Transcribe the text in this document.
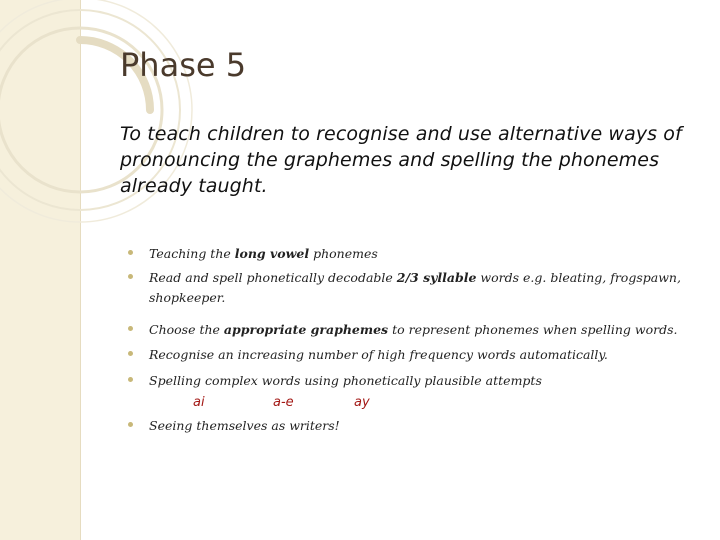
Phase 5

To teach children to recognise and use alternative ways of pronouncing the graphemes and spelling the phonemes already taught.

Teaching the long vowel phonemes
Read and spell phonetically decodable 2/3 syllable words e.g. bleating, frogspawn, shopkeeper.
Choose the appropriate graphemes to represent phonemes when spelling words.
Recognise an increasing number of high frequency words automatically.
Spelling complex words using phonetically plausible attempts
ai	a-e	ay
Seeing themselves as writers!
